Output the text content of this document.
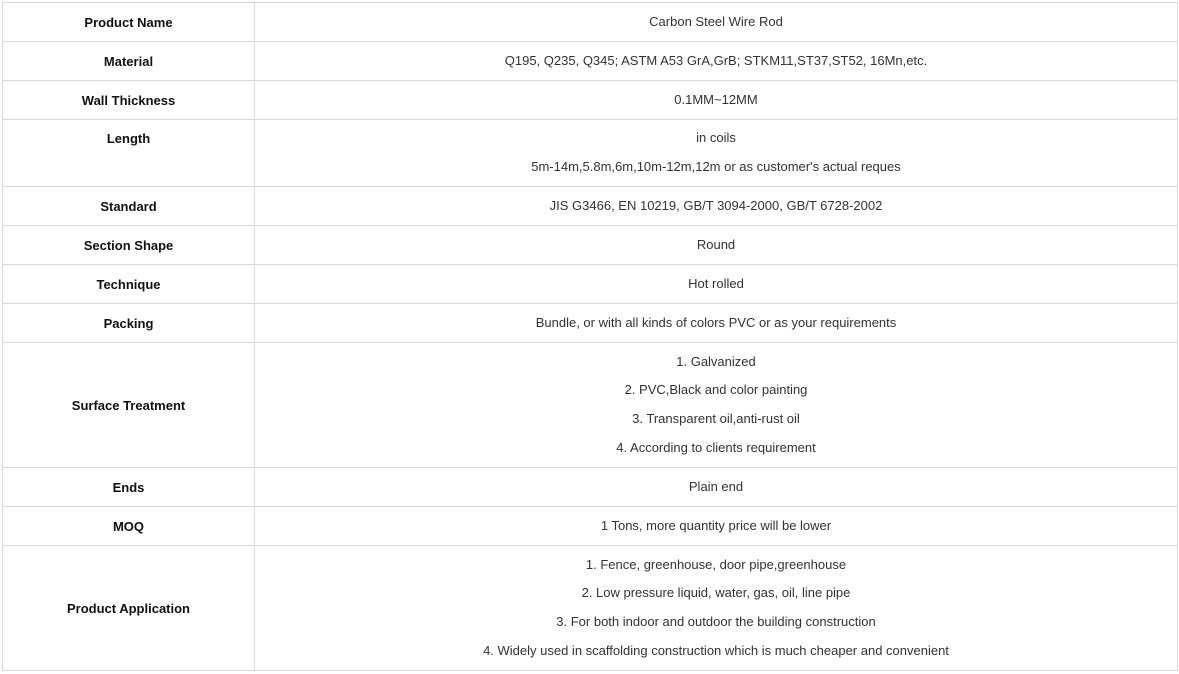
Product Name	Carbon Steel Wire Rod

Material	Q195, Q235, Q345; ASTM A53 GrA,GrB; STKM11,ST37,ST52, 16Mn,etc.

Wall Thickness	0.1MM~12MM

Length	in coils
5m-14m,5.8m,6m,10m-12m,12m or as customer's actual reques

Standard	JIS G3466, EN 10219, GB/T 3094-2000, GB/T 6728-2002

Section Shape	Round

Technique	Hot rolled

Packing	Bundle, or with all kinds of colors PVC or as your requirements

Surface Treatment	1. Galvanized
2. PVC,Black and color painting
3. Transparent oil,anti-rust oil
4. According to clients requirement

Ends	Plain end

MOQ	1 Tons, more quantity price will be lower

Product Application	1. Fence, greenhouse, door pipe,greenhouse
2. Low pressure liquid, water, gas, oil, line pipe
3. For both indoor and outdoor the building construction
4. Widely used in scaffolding construction which is much cheaper and convenient
